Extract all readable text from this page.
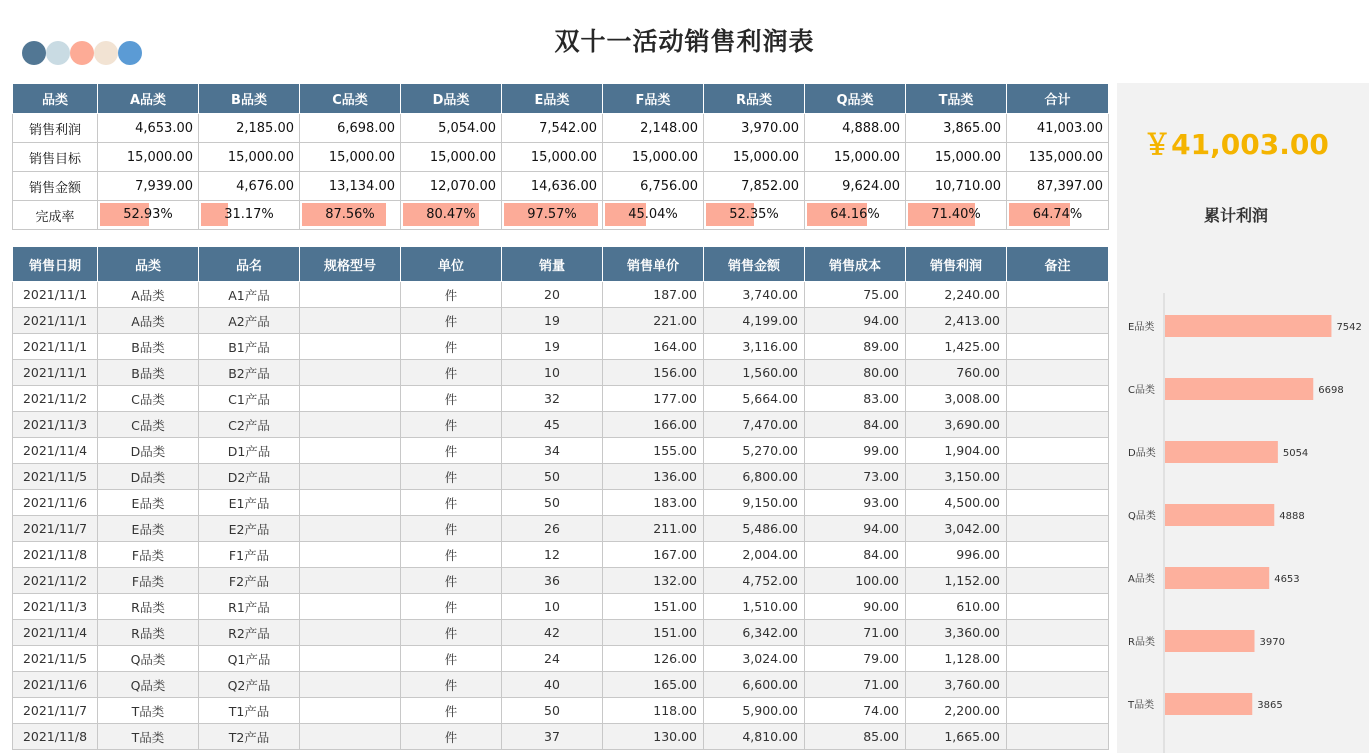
双十一活动销售利润表
品类	A品类	B品类	C品类	D品类	E品类	F品类	R品类	Q品类	T品类	合计
销售利润	4,653.00	2,185.00	6,698.00	5,054.00	7,542.00	2,148.00	3,970.00	4,888.00	3,865.00	41,003.00
销售目标	15,000.00	15,000.00	15,000.00	15,000.00	15,000.00	15,000.00	15,000.00	15,000.00	15,000.00	135,000.00
销售金额	7,939.00	4,676.00	13,134.00	12,070.00	14,636.00	6,756.00	7,852.00	9,624.00	10,710.00	87,397.00
完成率	52.93%	31.17%	87.56%	80.47%	97.57%	45.04%	52.35%	64.16%	71.40%	64.74%
销售日期	品类	品名	规格型号	单位	销量	销售单价	销售金额	销售成本	销售利润	备注
2021/11/1	A品类	A1产品		件	20	187.00	3,740.00	75.00	2,240.00	
2021/11/1	A品类	A2产品		件	19	221.00	4,199.00	94.00	2,413.00	
2021/11/1	B品类	B1产品		件	19	164.00	3,116.00	89.00	1,425.00	
2021/11/1	B品类	B2产品		件	10	156.00	1,560.00	80.00	760.00	
2021/11/2	C品类	C1产品		件	32	177.00	5,664.00	83.00	3,008.00	
2021/11/3	C品类	C2产品		件	45	166.00	7,470.00	84.00	3,690.00	
2021/11/4	D品类	D1产品		件	34	155.00	5,270.00	99.00	1,904.00	
2021/11/5	D品类	D2产品		件	50	136.00	6,800.00	73.00	3,150.00	
2021/11/6	E品类	E1产品		件	50	183.00	9,150.00	93.00	4,500.00	
2021/11/7	E品类	E2产品		件	26	211.00	5,486.00	94.00	3,042.00	
2021/11/8	F品类	F1产品		件	12	167.00	2,004.00	84.00	996.00	
2021/11/2	F品类	F2产品		件	36	132.00	4,752.00	100.00	1,152.00	
2021/11/3	R品类	R1产品		件	10	151.00	1,510.00	90.00	610.00	
2021/11/4	R品类	R2产品		件	42	151.00	6,342.00	71.00	3,360.00	
2021/11/5	Q品类	Q1产品		件	24	126.00	3,024.00	79.00	1,128.00	
2021/11/6	Q品类	Q2产品		件	40	165.00	6,600.00	71.00	3,760.00	
2021/11/7	T品类	T1产品		件	50	118.00	5,900.00	74.00	2,200.00	
2021/11/8	T品类	T2产品		件	37	130.00	4,810.00	85.00	1,665.00	
￥41,003.00
累计利润
E品类	7542
C品类	6698
D品类	5054
Q品类	4888
A品类	4653
R品类	3970
T品类	3865
